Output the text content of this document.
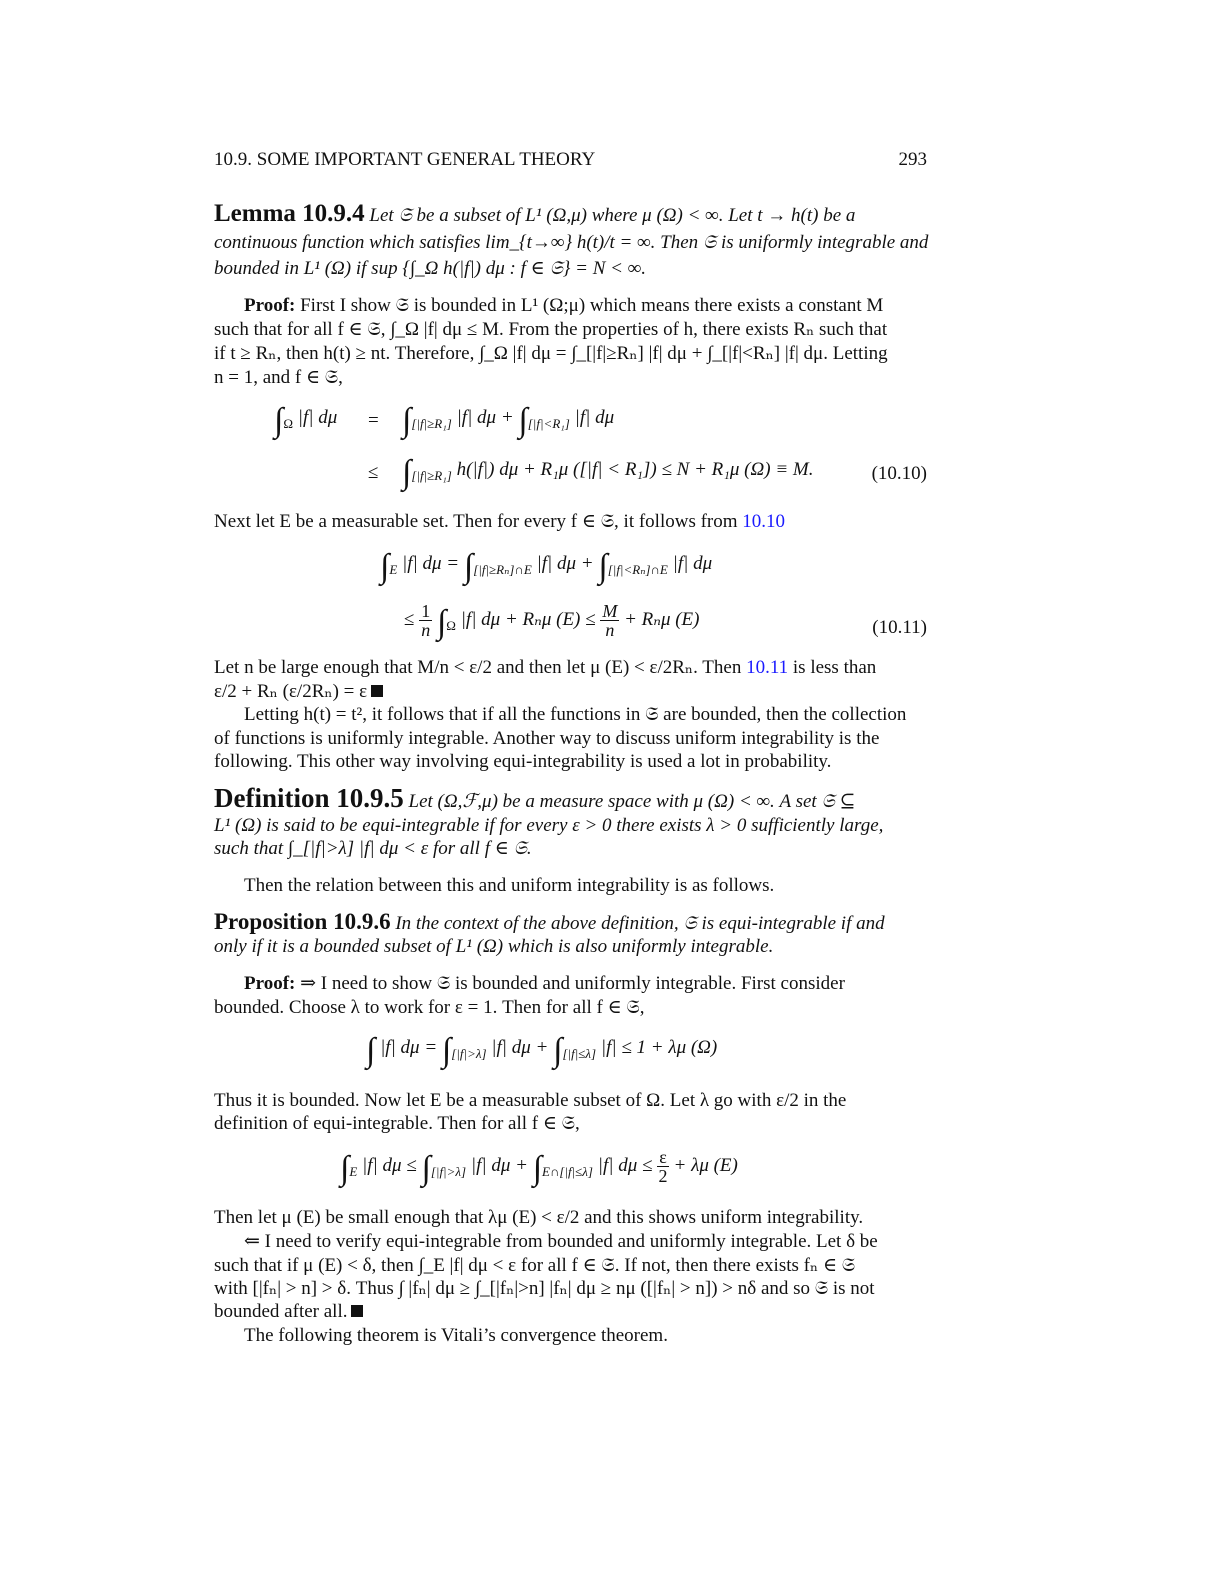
10.9. SOME IMPORTANT GENERAL THEORY	293
Lemma 10.9.4 Let 𝔖 be a subset of L¹ (Ω,μ) where μ (Ω) < ∞. Let t → h(t) be a
continuous function which satisfies lim_{t→∞} h(t)/t = ∞. Then 𝔖 is uniformly integrable and
bounded in L¹ (Ω) if sup {∫_Ω h(|f|) dμ : f ∈ 𝔖} = N < ∞.
Proof: First I show 𝔖 is bounded in L¹ (Ω;μ) which means there exists a constant M
such that for all f ∈ 𝔖, ∫_Ω |f| dμ ≤ M. From the properties of h, there exists Rₙ such that
if t ≥ Rₙ, then h(t) ≥ nt. Therefore, ∫_Ω |f| dμ = ∫_[|f|≥Rₙ] |f| dμ + ∫_[|f|<Rₙ] |f| dμ. Letting
n = 1, and f ∈ 𝔖,
$\int_\Omega$ |f| $d\mu = \int_{[|f|\ge R_1]}$ |f| $d\mu + \int_{[|f|<R_1]}$ |f| dμ
≤ $\int_{[|f|\ge R_1]}$ h(|f|) dμ + R₁μ ([|f| < R₁]) ≤ N + R₁μ (Ω) ≡ M.	(10.10)
Next let E be a measurable set. Then for every f ∈ 𝔖, it follows from 10.10
$\int_E$ |f| $d\mu = \int_{[|f|\ge R_n]\cap E}$ |f| $d\mu + \int_{[|f|<R_n]\cap E}$ |f| dμ
≤ $\frac{1}{n} \int_\Omega$ |f| dμ + Rₙμ $(E) \le \frac{M}{n} + R_n\mu$ (E)	(10.11)
Let n be large enough that M/n < ε/2 and then let μ (E) < ε/2Rₙ. Then 10.11 is less than
ε/2 + Rₙ (ε/2Rₙ) = ε
Letting h(t) = t², it follows that if all the functions in 𝔖 are bounded, then the collection
of functions is uniformly integrable. Another way to discuss uniform integrability is the
following. This other way involving equi-integrability is used a lot in probability.
Definition 10.9.5 Let (Ω,ℱ,μ) be a measure space with μ (Ω) < ∞. A set 𝔖 ⊆
L¹ (Ω) is said to be equi-integrable if for every ε > 0 there exists λ > 0 sufficiently large,
such that ∫_[|f|>λ] |f| dμ < ε for all f ∈ 𝔖.
Then the relation between this and uniform integrability is as follows.
Proposition 10.9.6 In the context of the above definition, 𝔖 is equi-integrable if and
only if it is a bounded subset of L¹ (Ω) which is also uniformly integrable.
Proof: ⇒ I need to show 𝔖 is bounded and uniformly integrable. First consider
bounded. Choose λ to work for ε = 1. Then for all f ∈ 𝔖,
∫ |f| $d\mu = \int_{[|f|>\lambda]}$ |f| $d\mu + \int_{[|f|\le\lambda]}$ |f| ≤ 1 + λμ (Ω)
Thus it is bounded. Now let E be a measurable subset of Ω. Let λ go with ε/2 in the
definition of equi-integrable. Then for all f ∈ 𝔖,
$\int_E$ |f| $d\mu \le \int_{[|f|>\lambda]}$ |f| $d\mu + \int_{E\cap[|f|\le\lambda]}$ |f| $d\mu \le \frac{\varepsilon}{2} + \lambda\mu$ (E)
Then let μ (E) be small enough that λμ (E) < ε/2 and this shows uniform integrability.
⇐ I need to verify equi-integrable from bounded and uniformly integrable. Let δ be
such that if μ (E) < δ, then ∫_E |f| dμ < ε for all f ∈ 𝔖. If not, then there exists fₙ ∈ 𝔖
with [|fₙ| > n] > δ. Thus ∫ |fₙ| dμ ≥ ∫_[|fₙ|>n] |fₙ| dμ ≥ nμ ([|fₙ| > n]) > nδ and so 𝔖 is not
bounded after all.
The following theorem is Vitali’s convergence theorem.
